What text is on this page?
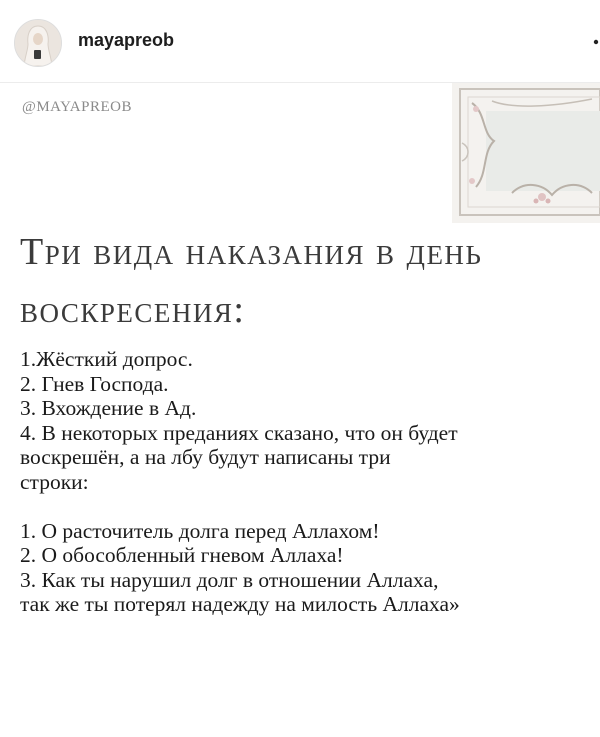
mayapreob
@MAYAPREOB
Три вида наказания в день
воскресения:
1.Жёсткий допрос.
2. Гнев Господа.
3. Вхождение в Ад.
4. В некоторых преданиях сказано, что он будет
воскрешён, а на лбу будут написаны три
строки:
1. О расточитель долга перед Аллахом!
2. О обособленный гневом Аллаха!
3. Как ты нарушил долг в отношении Аллаха,
так же ты потерял надежду на милость Аллаха»
